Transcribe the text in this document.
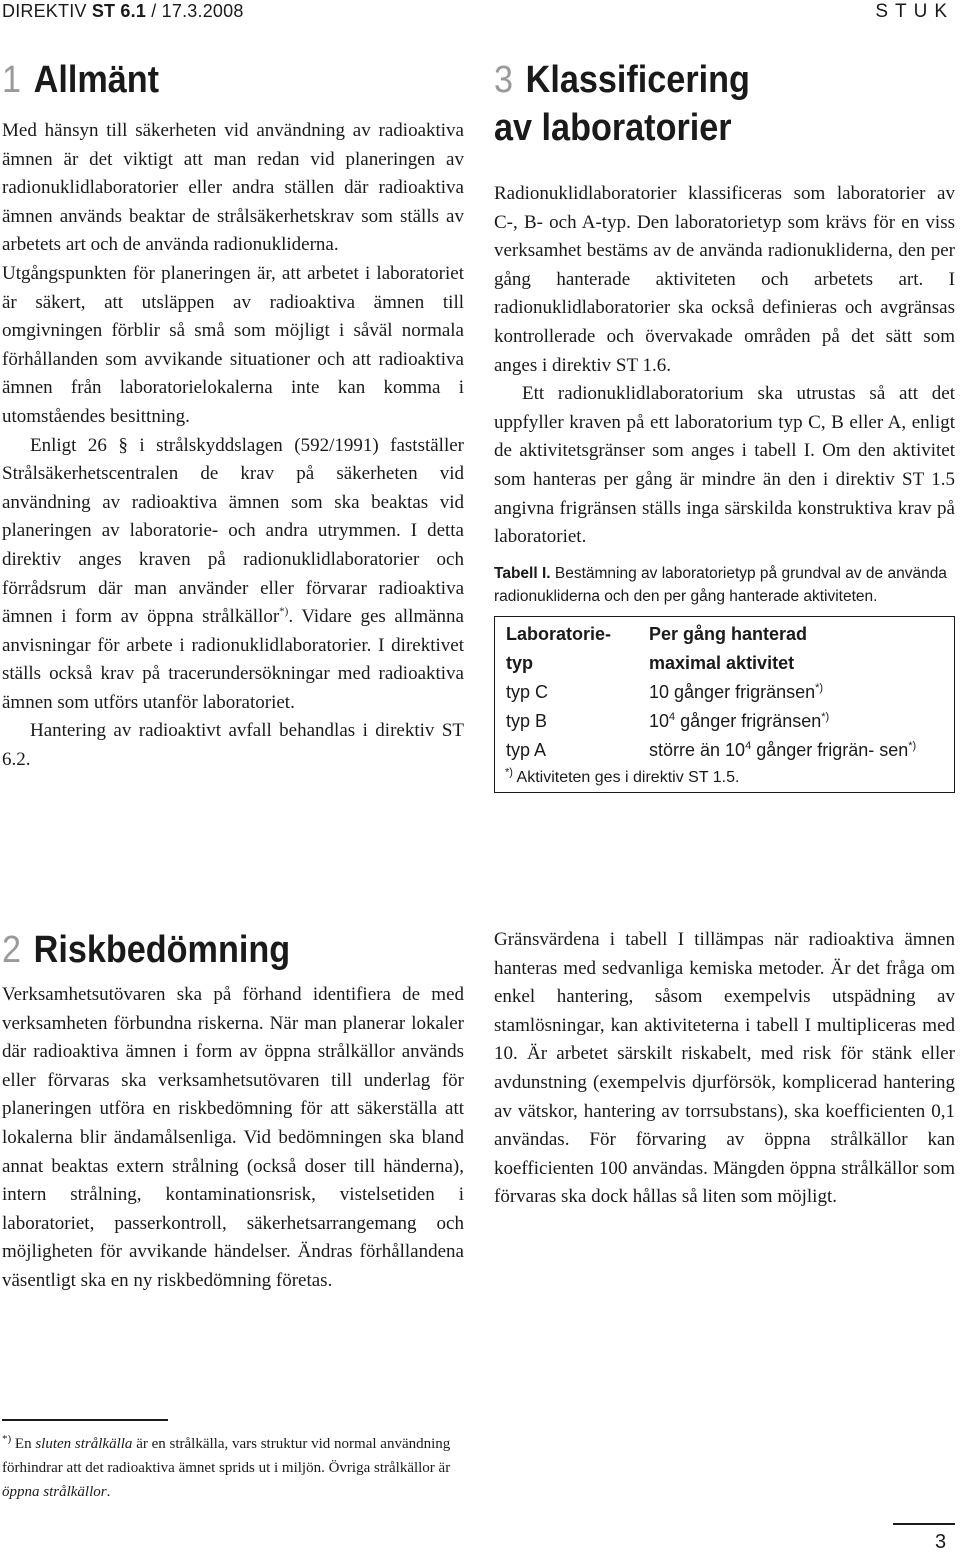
DIREKTIV ST 6.1 / 17.3.2008	STUK
1 Allmänt

Med hänsyn till säkerheten vid användning av radioaktiva ämnen är det viktigt att man redan vid planeringen av radionuklidlaboratorier eller andra ställen där radioaktiva ämnen används beaktar de strålsäkerhetskrav som ställs av arbetets art och de använda radionukliderna.

Utgångspunkten för planeringen är, att arbetet i laboratoriet är säkert, att utsläppen av radioaktiva ämnen till omgivningen förblir så små som möjligt i såväl normala förhållanden som avvikande situationer och att radioaktiva ämnen från laboratorielokalerna inte kan komma i utomståendes besittning.

Enligt 26 § i strålskyddslagen (592/1991) fastställer Strålsäkerhetscentralen de krav på säkerheten vid användning av radioaktiva ämnen som ska beaktas vid planeringen av laboratorie- och andra utrymmen. I detta direktiv anges kraven på radionuklidlaboratorier och förrådsrum där man använder eller förvarar radioaktiva ämnen i form av öppna strålkällor*). Vidare ges allmänna anvisningar för arbete i radionuklidlaboratorier. I direktivet ställs också krav på tracerundersökningar med radioaktiva ämnen som utförs utanför laboratoriet.

Hantering av radioaktivt avfall behandlas i direktiv ST 6.2.

2 Riskbedömning

Verksamhetsutövaren ska på förhand identifiera de med verksamheten förbundna riskerna. När man planerar lokaler där radioaktiva ämnen i form av öppna strålkällor används eller förvaras ska verksamhetsutövaren till underlag för planeringen utföra en riskbedömning för att säkerställa att lokalerna blir ändamålsenliga. Vid bedömningen ska bland annat beaktas extern strålning (också doser till händerna), intern strålning, kontaminationsrisk, vistelsetiden i laboratoriet, passerkontroll, säkerhetsarrangemang och möjligheten för avvikande händelser. Ändras förhållandena väsentligt ska en ny riskbedömning företas.

*) En sluten strålkälla är en strålkälla, vars struktur vid normal användning förhindrar att det radioaktiva ämnet sprids ut i miljön. Övriga strålkällor är öppna strålkällor.
3 Klassificering
av laboratorier

Radionuklidlaboratorier klassificeras som laboratorier av C-, B- och A-typ. Den laboratorietyp som krävs för en viss verksamhet bestäms av de använda radionukliderna, den per gång hanterade aktiviteten och arbetets art. I radionuklidlaboratorier ska också definieras och avgränsas kontrollerade och övervakade områden på det sätt som anges i direktiv ST 1.6.

Ett radionuklidlaboratorium ska utrustas så att det uppfyller kraven på ett laboratorium typ C, B eller A, enligt de aktivitetsgränser som anges i tabell I. Om den aktivitet som hanteras per gång är mindre än den i direktiv ST 1.5 angivna frigränsen ställs inga särskilda konstruktiva krav på laboratoriet.

Tabell I. Bestämning av laboratorietyp på grundval av de använda radionukliderna och den per gång hanterade aktiviteten.

Laboratorie-
typ	Per gång hanterad
maximal aktivitet
typ C	10 gånger frigränsen*)
typ B	$10^4$ gånger frigränsen*)
typ A	större än $10^4$ gånger frigrän- sen*)
*) Aktiviteten ges i direktiv ST 1.5.

Gränsvärdena i tabell I tillämpas när radioaktiva ämnen hanteras med sedvanliga kemiska metoder. Är det fråga om enkel hantering, såsom exempelvis utspädning av stamlösningar, kan aktiviteterna i tabell I multipliceras med 10. Är arbetet särskilt riskabelt, med risk för stänk eller avdunstning (exempelvis djurförsök, komplicerad hantering av vätskor, hantering av torrsubstans), ska koefficienten 0,1 användas. För förvaring av öppna strålkällor kan koefficienten 100 användas. Mängden öppna strålkällor som förvaras ska dock hållas så liten som möjligt.

3
